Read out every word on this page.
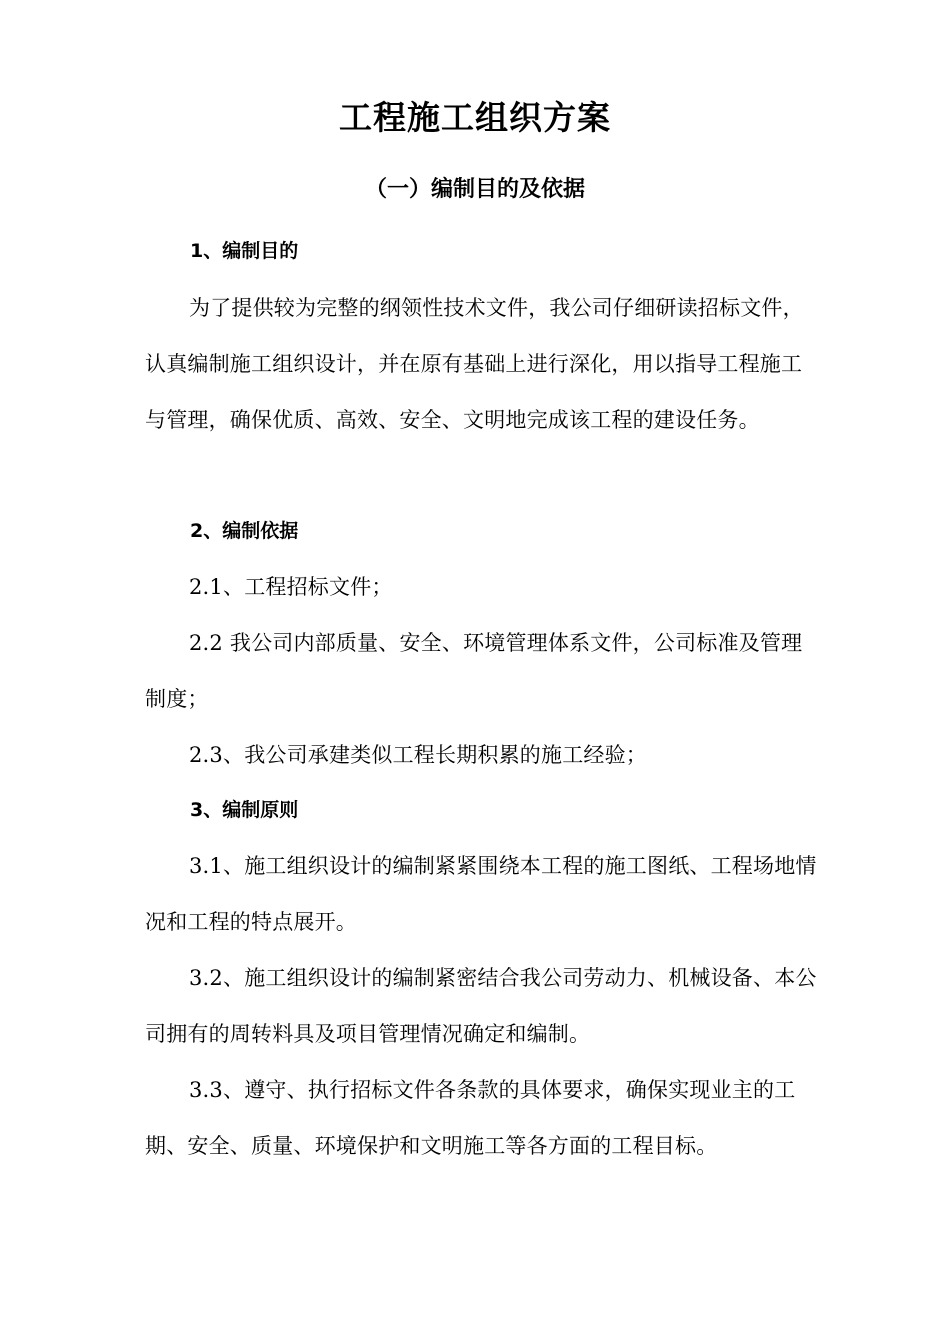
工程施工组织方案
（一）编制目的及依据
1、编制目的

为了提供较为完整的纲领性技术文件，我公司仔细研读招标文件，认真编制施工组织设计，并在原有基础上进行深化，用以指导工程施工与管理，确保优质、高效、安全、文明地完成该工程的建设任务。

2、编制依据

2.1、工程招标文件；

2.2 我公司内部质量、安全、环境管理体系文件，公司标准及管理制度；

2.3、我公司承建类似工程长期积累的施工经验；

3、编制原则

3.1、施工组织设计的编制紧紧围绕本工程的施工图纸、工程场地情况和工程的特点展开。

3.2、施工组织设计的编制紧密结合我公司劳动力、机械设备、本公司拥有的周转料具及项目管理情况确定和编制。

3.3、遵守、执行招标文件各条款的具体要求，确保实现业主的工期、安全、质量、环境保护和文明施工等各方面的工程目标。
